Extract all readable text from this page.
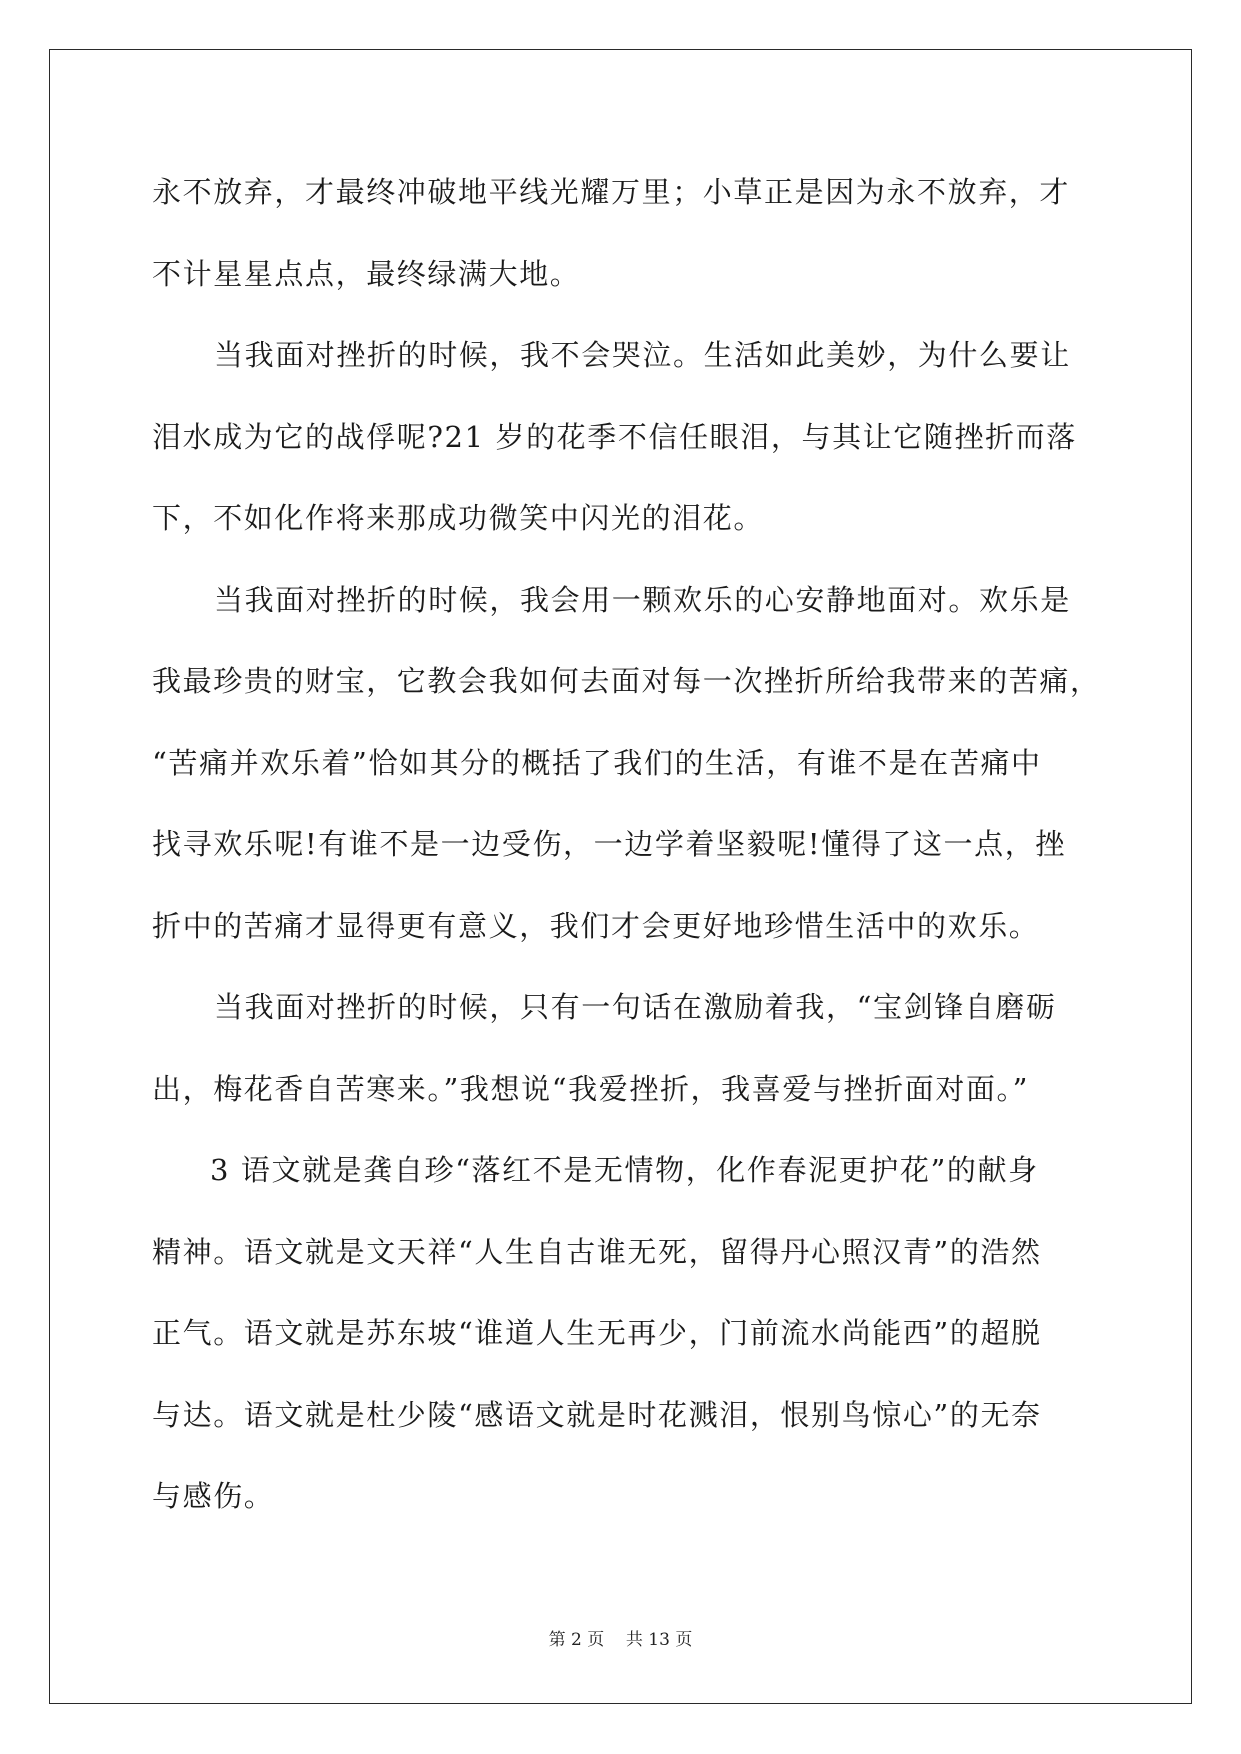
永不放弃，才最终冲破地平线光耀万里；小草正是因为永不放弃，才
不计星星点点，最终绿满大地。
当我面对挫折的时候，我不会哭泣。生活如此美妙，为什么要让
泪水成为它的战俘呢?21 岁的花季不信任眼泪，与其让它随挫折而落
下，不如化作将来那成功微笑中闪光的泪花。
当我面对挫折的时候，我会用一颗欢乐的心安静地面对。欢乐是
我最珍贵的财宝，它教会我如何去面对每一次挫折所给我带来的苦痛，
“苦痛并欢乐着”恰如其分的概括了我们的生活，有谁不是在苦痛中
找寻欢乐呢!有谁不是一边受伤，一边学着坚毅呢!懂得了这一点，挫
折中的苦痛才显得更有意义，我们才会更好地珍惜生活中的欢乐。
当我面对挫折的时候，只有一句话在激励着我，“宝剑锋自磨砺
出，梅花香自苦寒来。”我想说“我爱挫折，我喜爱与挫折面对面。”
3 语文就是龚自珍“落红不是无情物，化作春泥更护花”的献身
精神。语文就是文天祥“人生自古谁无死，留得丹心照汉青”的浩然
正气。语文就是苏东坡“谁道人生无再少，门前流水尚能西”的超脱
与达。语文就是杜少陵“感语文就是时花溅泪，恨别鸟惊心”的无奈
与感伤。
第 2 页 共 13 页
